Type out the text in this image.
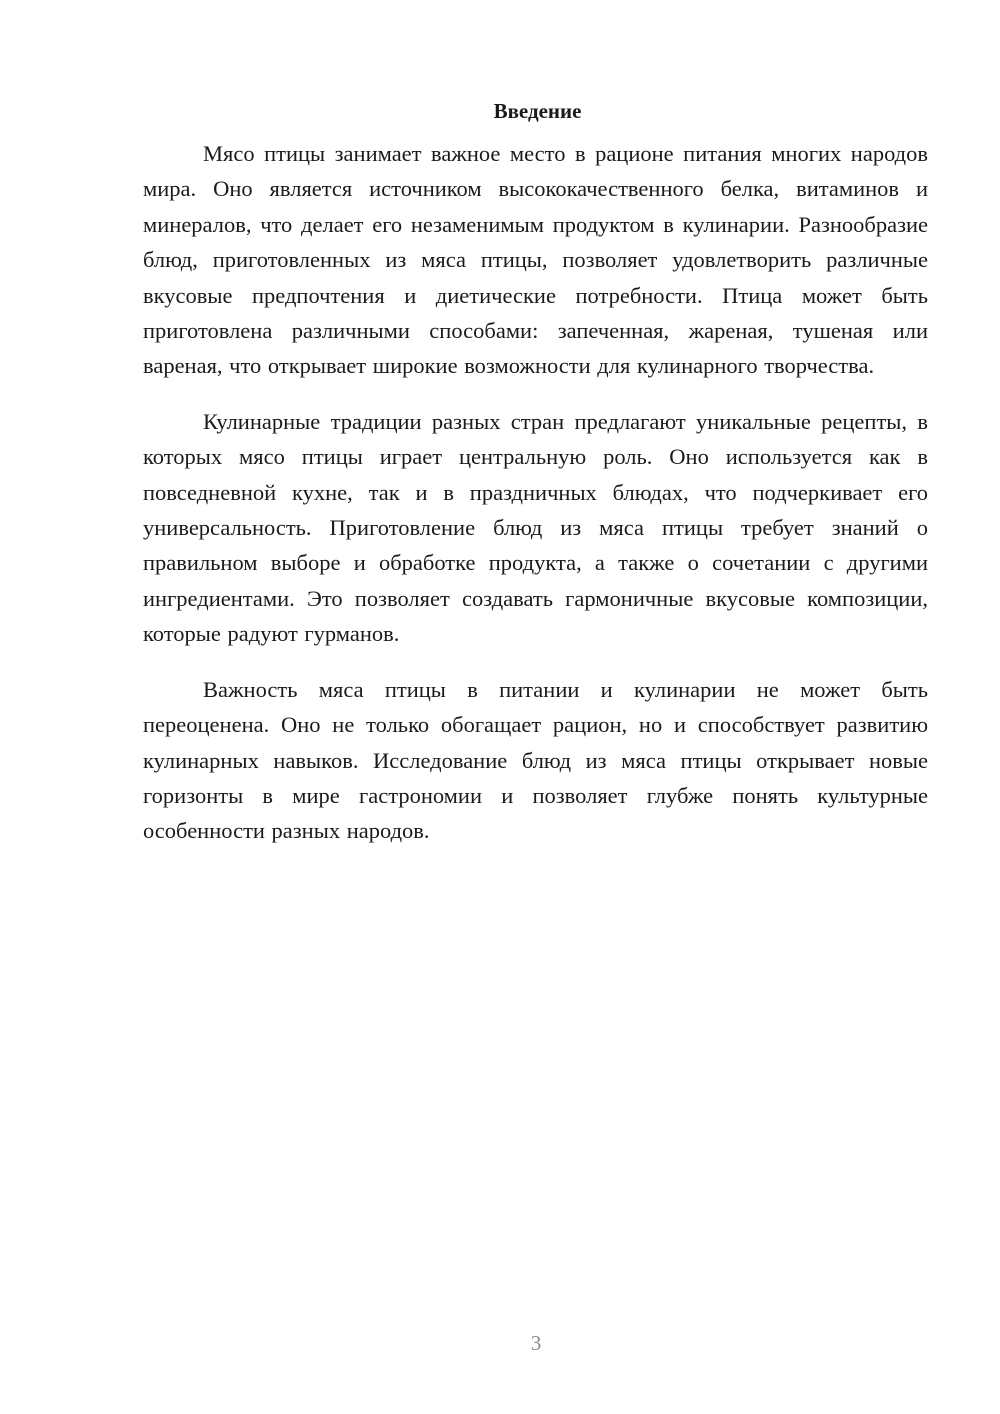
Введение

Мясо птицы занимает важное место в рационе питания многих народов мира. Оно является источником высококачественного белка, витаминов и минералов, что делает его незаменимым продуктом в кулинарии. Разнообразие блюд, приготовленных из мяса птицы, позволяет удовлетворить различные вкусовые предпочтения и диетические потребности. Птица может быть приготовлена различными способами: запеченная, жареная, тушеная или вареная, что открывает широкие возможности для кулинарного творчества.

Кулинарные традиции разных стран предлагают уникальные рецепты, в которых мясо птицы играет центральную роль. Оно используется как в повседневной кухне, так и в праздничных блюдах, что подчеркивает его универсальность. Приготовление блюд из мяса птицы требует знаний о правильном выборе и обработке продукта, а также о сочетании с другими ингредиентами. Это позволяет создавать гармоничные вкусовые композиции, которые радуют гурманов.

Важность мяса птицы в питании и кулинарии не может быть переоценена. Оно не только обогащает рацион, но и способствует развитию кулинарных навыков. Исследование блюд из мяса птицы открывает новые горизонты в мире гастрономии и позволяет глубже понять культурные особенности разных народов.

3
